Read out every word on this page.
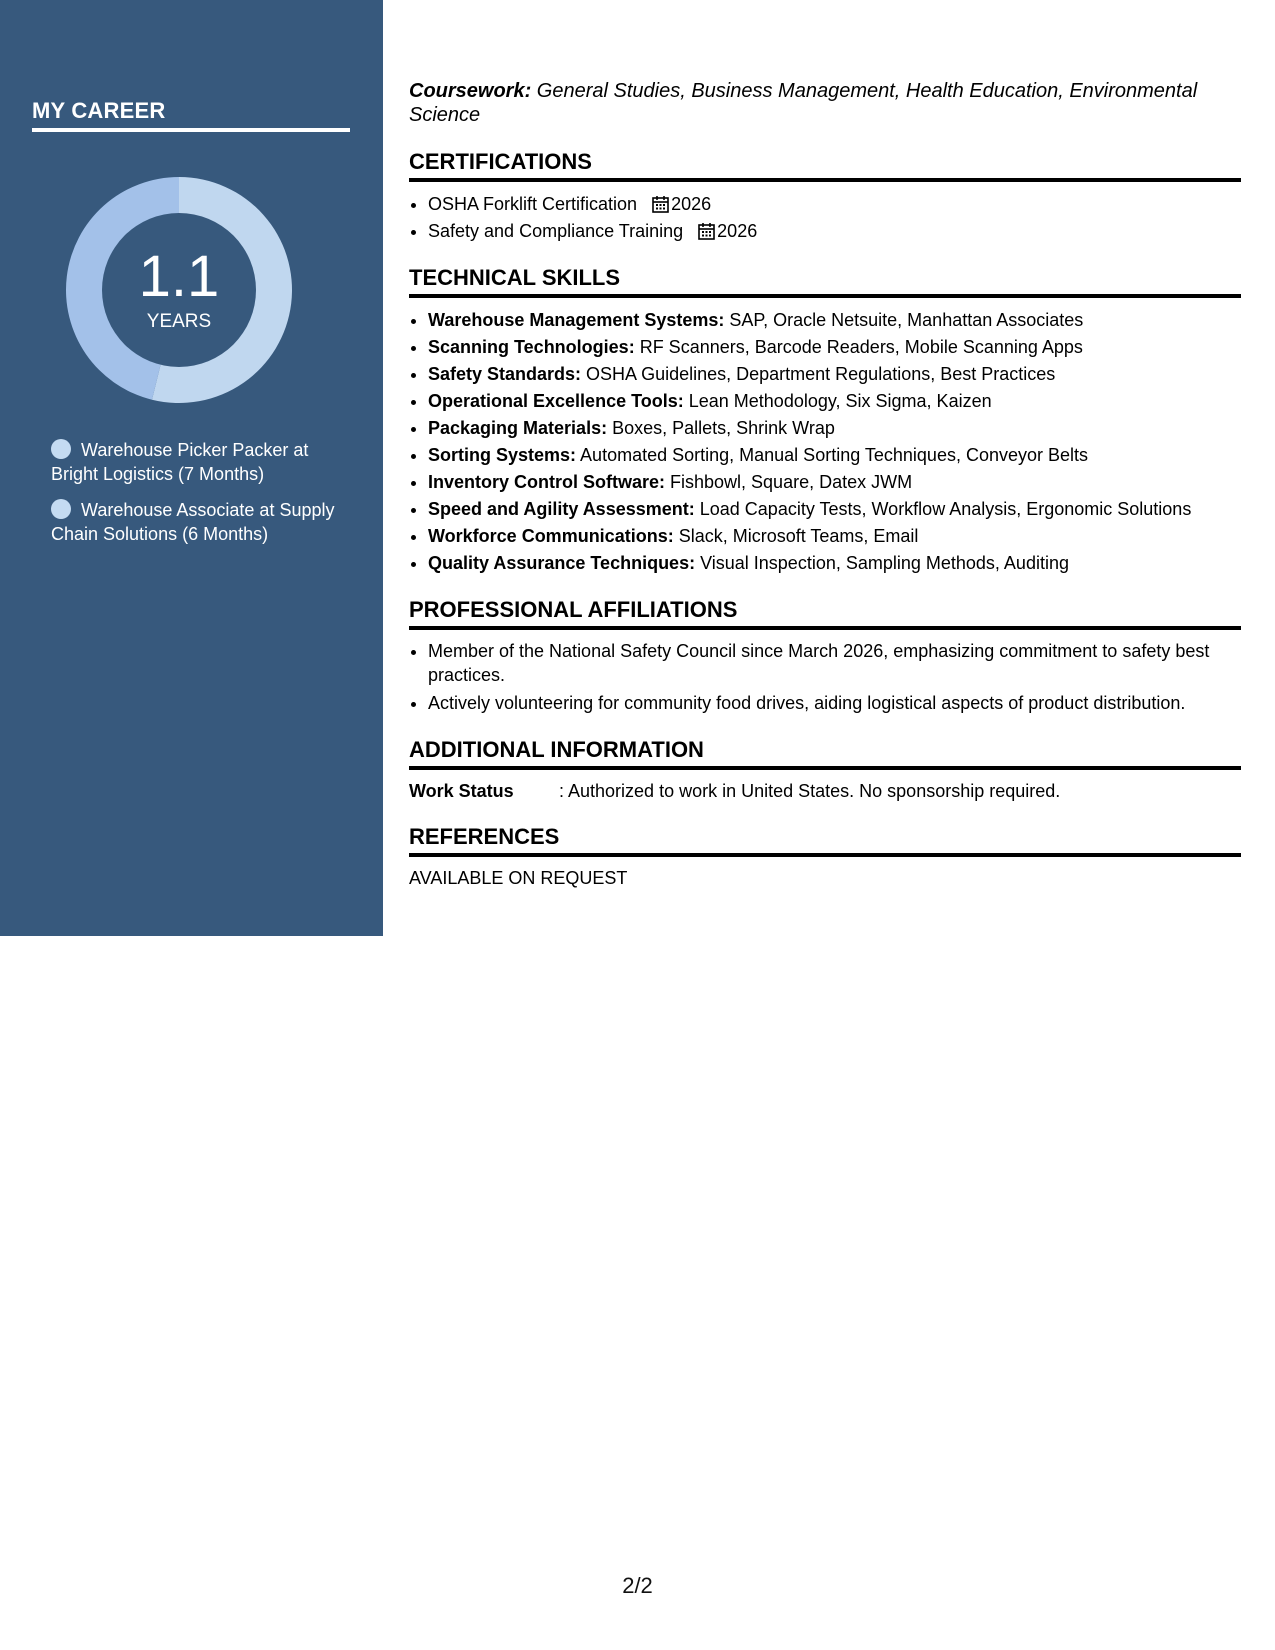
MY CAREER
1.1
YEARS
Warehouse Picker Packer at Bright Logistics (7 Months)
Warehouse Associate at Supply Chain Solutions (6 Months)

Coursework: General Studies, Business Management, Health Education, Environmental Science

CERTIFICATIONS
• OSHA Forklift Certification 2026
• Safety and Compliance Training 2026
TECHNICAL SKILLS
• Warehouse Management Systems: SAP, Oracle Netsuite, Manhattan Associates
• Scanning Technologies: RF Scanners, Barcode Readers, Mobile Scanning Apps
• Safety Standards: OSHA Guidelines, Department Regulations, Best Practices
• Operational Excellence Tools: Lean Methodology, Six Sigma, Kaizen
• Packaging Materials: Boxes, Pallets, Shrink Wrap
• Sorting Systems: Automated Sorting, Manual Sorting Techniques, Conveyor Belts
• Inventory Control Software: Fishbowl, Square, Datex JWM
• Speed and Agility Assessment: Load Capacity Tests, Workflow Analysis, Ergonomic Solutions
• Workforce Communications: Slack, Microsoft Teams, Email
• Quality Assurance Techniques: Visual Inspection, Sampling Methods, Auditing
PROFESSIONAL AFFILIATIONS
• Member of the National Safety Council since March 2026, emphasizing commitment to safety best practices.
• Actively volunteering for community food drives, aiding logistical aspects of product distribution.
ADDITIONAL INFORMATION

Work Status	: Authorized to work in United States. No sponsorship required.

REFERENCES

AVAILABLE ON REQUEST

2/2
